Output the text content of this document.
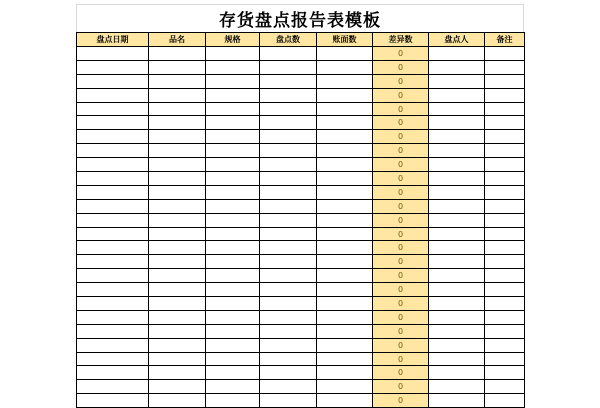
存货盘点报告表模板
盘点日期	品名	规格	盘点数	账面数	差异数	盘点人	备注
					0		
					0		
					0		
					0		
					0		
					0		
					0		
					0		
					0		
					0		
					0		
					0		
					0		
					0		
					0		
					0		
					0		
					0		
					0		
					0		
					0		
					0		
					0		
					0		
					0		
					0		
